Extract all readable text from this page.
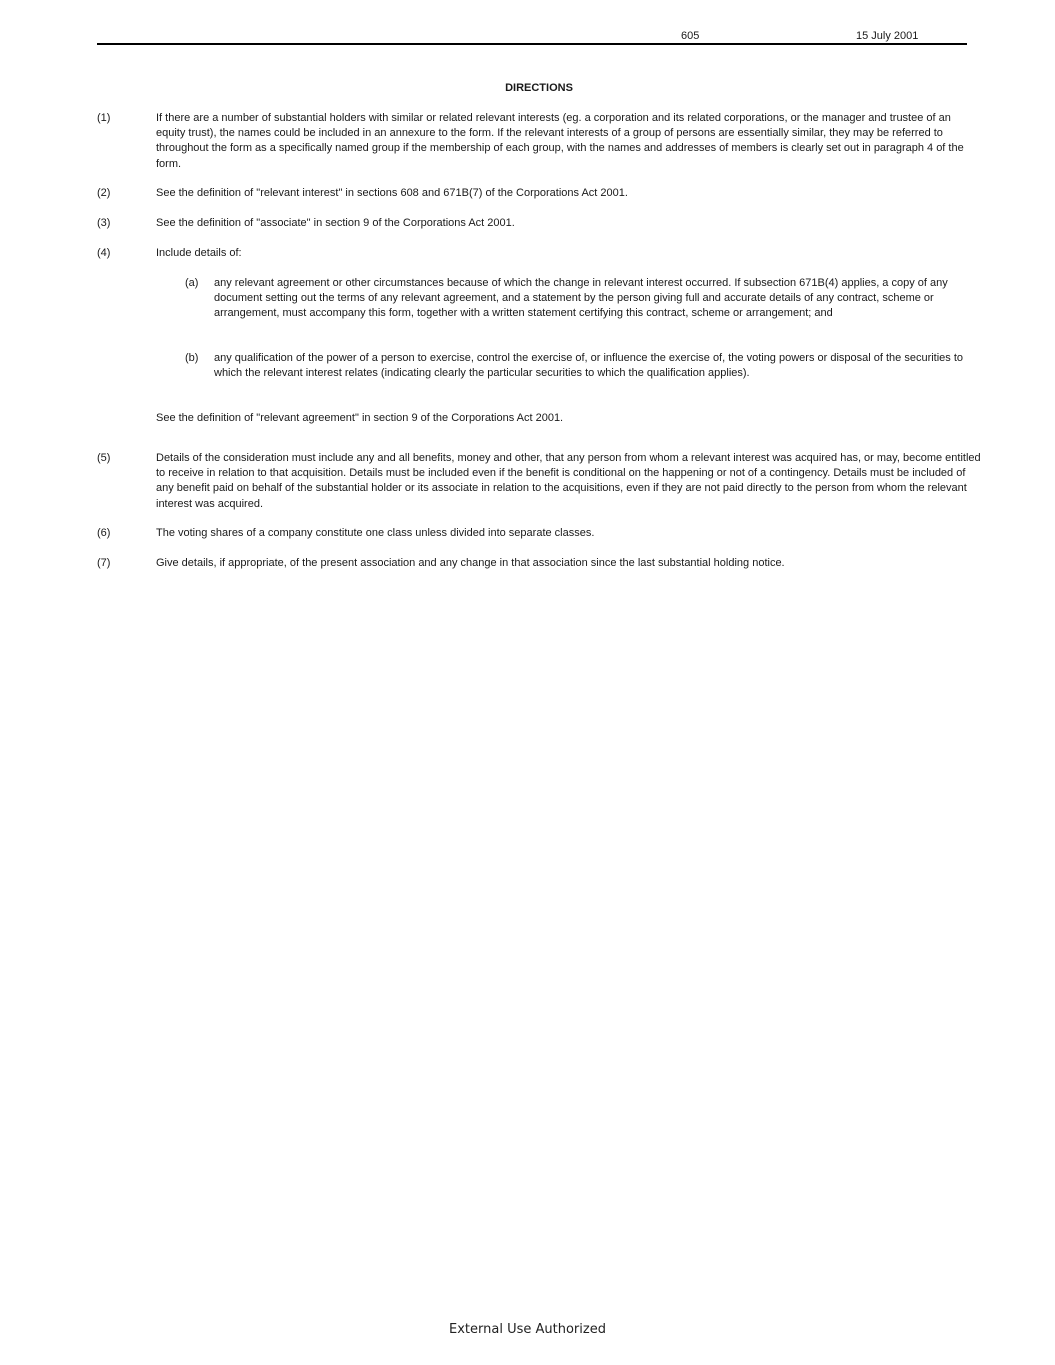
605	15 July 2001
DIRECTIONS
(1)	If there are a number of substantial holders with similar or related relevant interests (eg. a corporation and its related corporations, or the manager and trustee of an equity trust), the names could be included in an annexure to the form. If the relevant interests of a group of persons are essentially similar, they may be referred to throughout the form as a specifically named group if the membership of each group, with the names and addresses of members is clearly set out in paragraph 4 of the form.
(2)	See the definition of "relevant interest" in sections 608 and 671B(7) of the Corporations Act 2001.
(3)	See the definition of "associate" in section 9 of the Corporations Act 2001.
(4)	Include details of:
(a) any relevant agreement or other circumstances because of which the change in relevant interest occurred. If subsection 671B(4) applies, a copy of any document setting out the terms of any relevant agreement, and a statement by the person giving full and accurate details of any contract, scheme or arrangement, must accompany this form, together with a written statement certifying this contract, scheme or arrangement; and
(b) any qualification of the power of a person to exercise, control the exercise of, or influence the exercise of, the voting powers or disposal of the securities to which the relevant interest relates (indicating clearly the particular securities to which the qualification applies).
See the definition of "relevant agreement" in section 9 of the Corporations Act 2001.
(5)	Details of the consideration must include any and all benefits, money and other, that any person from whom a relevant interest was acquired has, or may, become entitled to receive in relation to that acquisition. Details must be included even if the benefit is conditional on the happening or not of a contingency. Details must be included of any benefit paid on behalf of the substantial holder or its associate in relation to the acquisitions, even if they are not paid directly to the person from whom the relevant interest was acquired.
(6)	The voting shares of a company constitute one class unless divided into separate classes.
(7)	Give details, if appropriate, of the present association and any change in that association since the last substantial holding notice.
External Use Authorized
